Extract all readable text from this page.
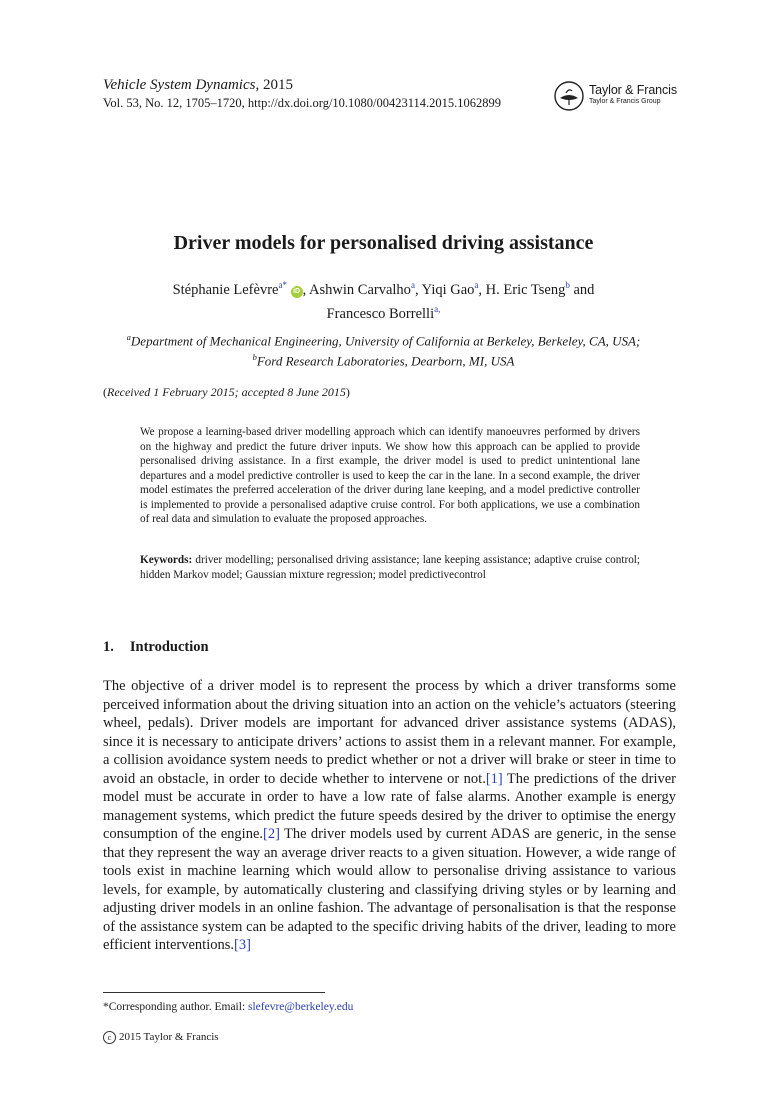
Vehicle System Dynamics, 2015
Vol. 53, No. 12, 1705–1720, http://dx.doi.org/10.1080/00423114.2015.1062899
Taylor & Francis
Taylor & Francis Group
Driver models for personalised driving assistance
Stéphanie Lefèvre$^{a*}$ iD , Ashwin Carvalho$^a$, Yiqi Gao$^a$, H. Eric Tseng$^b$ and
Francesco Borrelli$^{a,}$
$^a$Department of Mechanical Engineering, University of California at Berkeley, Berkeley, CA, USA;
$^b$Ford Research Laboratories, Dearborn, MI, USA
(Received 1 February 2015; accepted 8 June 2015)
We propose a learning-based driver modelling approach which can identify manoeuvres performed by drivers on the highway and predict the future driver inputs. We show how this approach can be applied to provide personalised driving assistance. In a first example, the driver model is used to predict unintentional lane departures and a model predictive controller is used to keep the car in the lane. In a second example, the driver model estimates the preferred acceleration of the driver during lane keeping, and a model predictive controller is implemented to provide a personalised adaptive cruise control. For both applications, we use a combination of real data and simulation to evaluate the proposed approaches.
Keywords: driver modelling; personalised driving assistance; lane keeping assistance; adaptive cruise control; hidden Markov model; Gaussian mixture regression; model predictivecontrol
1. Introduction
The objective of a driver model is to represent the process by which a driver transforms some perceived information about the driving situation into an action on the vehicle’s actuators (steering wheel, pedals). Driver models are important for advanced driver assistance systems (ADAS), since it is necessary to anticipate drivers’ actions to assist them in a relevant manner. For example, a collision avoidance system needs to predict whether or not a driver will brake or steer in time to avoid an obstacle, in order to decide whether to intervene or not.[1] The predictions of the driver model must be accurate in order to have a low rate of false alarms. Another example is energy management systems, which predict the future speeds desired by the driver to optimise the energy consumption of the engine.[2] The driver models used by current ADAS are generic, in the sense that they represent the way an average driver reacts to a given situation. However, a wide range of tools exist in machine learning which would allow to personalise driving assistance to various levels, for example, by automatically clustering and classifying driving styles or by learning and adjusting driver models in an online fashion. The advantage of personalisation is that the response of the assistance system can be adapted to the specific driving habits of the driver, leading to more efficient interventions.[3]
*Corresponding author. Email: slefevre@berkeley.edu
c 2015 Taylor & Francis
